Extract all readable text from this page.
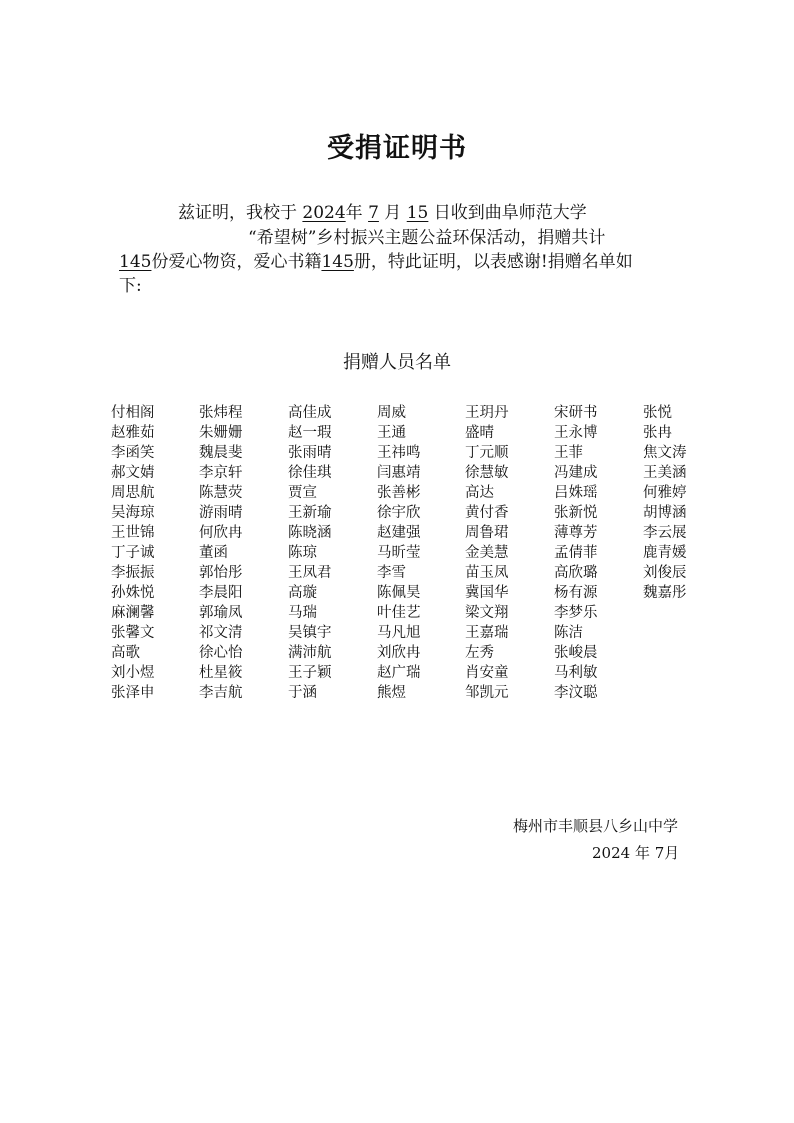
受捐证明书
兹证明，我校于 2024年 7 月 15 日收到曲阜师范大学
“希望树”乡村振兴主题公益环保活动，捐赠共计
145份爱心物资，爱心书籍145册，特此证明，以表感谢!捐赠名单如
下:
捐赠人员名单
付相阁	张炜程	高佳成	周威	王玥丹	宋研书	张悦
赵雅茹	朱姗姗	赵一瑕	王通	盛晴	王永博	张冉
李函笑	魏晨斐	张雨晴	王祎鸣	丁元顺	王菲	焦文涛
郝文婧	李京轩	徐佳琪	闫惠靖	徐慧敏	冯建成	王美涵
周思航	陈慧荧	贾宣	张善彬	高达	吕姝瑶	何雅婷
吴海琼	游雨晴	王新瑜	徐宇欣	黄付香	张新悦	胡博涵
王世锦	何欣冉	陈晓涵	赵建强	周鲁珺	薄尊芳	李云展
丁子诚	董函	陈琼	马昕莹	金美慧	孟倩菲	鹿青媛
李振振	郭怡彤	王凤君	李雪	苗玉凤	高欣璐	刘俊辰
孙姝悦	李晨阳	高璇	陈佩昊	冀国华	杨有源	魏嘉彤
麻澜馨	郭瑜凤	马瑞	叶佳艺	梁文翔	李梦乐
张馨文	祁文清	吴镇宇	马凡旭	王嘉瑞	陈洁
高歌	徐心怡	满沛航	刘欣冉	左秀	张峻晨
刘小煜	杜星筱	王子颖	赵广瑞	肖安童	马利敏
张泽申	李吉航	于涵	熊煜	邹凯元	李汶聪
梅州市丰顺县八乡山中学
2024 年 7月
